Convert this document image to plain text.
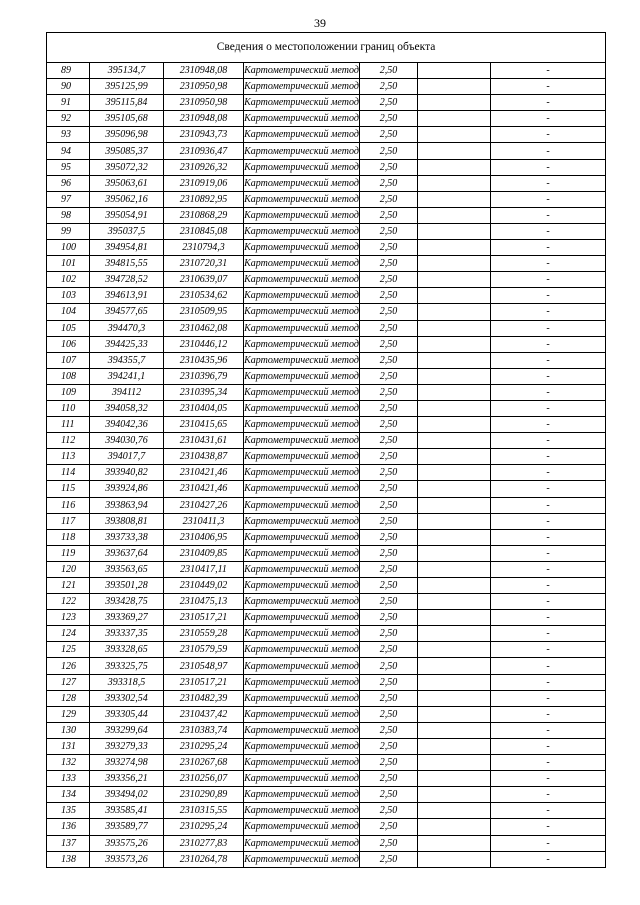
39
Сведения о местоположении границ объекта						
89	395134,7	2310948,08	Картометрический метод	2,50		-
90	395125,99	2310950,98	Картометрический метод	2,50		-
91	395115,84	2310950,98	Картометрический метод	2,50		-
92	395105,68	2310948,08	Картометрический метод	2,50		-
93	395096,98	2310943,73	Картометрический метод	2,50		-
94	395085,37	2310936,47	Картометрический метод	2,50		-
95	395072,32	2310926,32	Картометрический метод	2,50		-
96	395063,61	2310919,06	Картометрический метод	2,50		-
97	395062,16	2310892,95	Картометрический метод	2,50		-
98	395054,91	2310868,29	Картометрический метод	2,50		-
99	395037,5	2310845,08	Картометрический метод	2,50		-
100	394954,81	2310794,3	Картометрический метод	2,50		-
101	394815,55	2310720,31	Картометрический метод	2,50		-
102	394728,52	2310639,07	Картометрический метод	2,50		-
103	394613,91	2310534,62	Картометрический метод	2,50		-
104	394577,65	2310509,95	Картометрический метод	2,50		-
105	394470,3	2310462,08	Картометрический метод	2,50		-
106	394425,33	2310446,12	Картометрический метод	2,50		-
107	394355,7	2310435,96	Картометрический метод	2,50		-
108	394241,1	2310396,79	Картометрический метод	2,50		-
109	394112	2310395,34	Картометрический метод	2,50		-
110	394058,32	2310404,05	Картометрический метод	2,50		-
111	394042,36	2310415,65	Картометрический метод	2,50		-
112	394030,76	2310431,61	Картометрический метод	2,50		-
113	394017,7	2310438,87	Картометрический метод	2,50		-
114	393940,82	2310421,46	Картометрический метод	2,50		-
115	393924,86	2310421,46	Картометрический метод	2,50		-
116	393863,94	2310427,26	Картометрический метод	2,50		-
117	393808,81	2310411,3	Картометрический метод	2,50		-
118	393733,38	2310406,95	Картометрический метод	2,50		-
119	393637,64	2310409,85	Картометрический метод	2,50		-
120	393563,65	2310417,11	Картометрический метод	2,50		-
121	393501,28	2310449,02	Картометрический метод	2,50		-
122	393428,75	2310475,13	Картометрический метод	2,50		-
123	393369,27	2310517,21	Картометрический метод	2,50		-
124	393337,35	2310559,28	Картометрический метод	2,50		-
125	393328,65	2310579,59	Картометрический метод	2,50		-
126	393325,75	2310548,97	Картометрический метод	2,50		-
127	393318,5	2310517,21	Картометрический метод	2,50		-
128	393302,54	2310482,39	Картометрический метод	2,50		-
129	393305,44	2310437,42	Картометрический метод	2,50		-
130	393299,64	2310383,74	Картометрический метод	2,50		-
131	393279,33	2310295,24	Картометрический метод	2,50		-
132	393274,98	2310267,68	Картометрический метод	2,50		-
133	393356,21	2310256,07	Картометрический метод	2,50		-
134	393494,02	2310290,89	Картометрический метод	2,50		-
135	393585,41	2310315,55	Картометрический метод	2,50		-
136	393589,77	2310295,24	Картометрический метод	2,50		-
137	393575,26	2310277,83	Картометрический метод	2,50		-
138	393573,26	2310264,78	Картометрический метод	2,50		-
